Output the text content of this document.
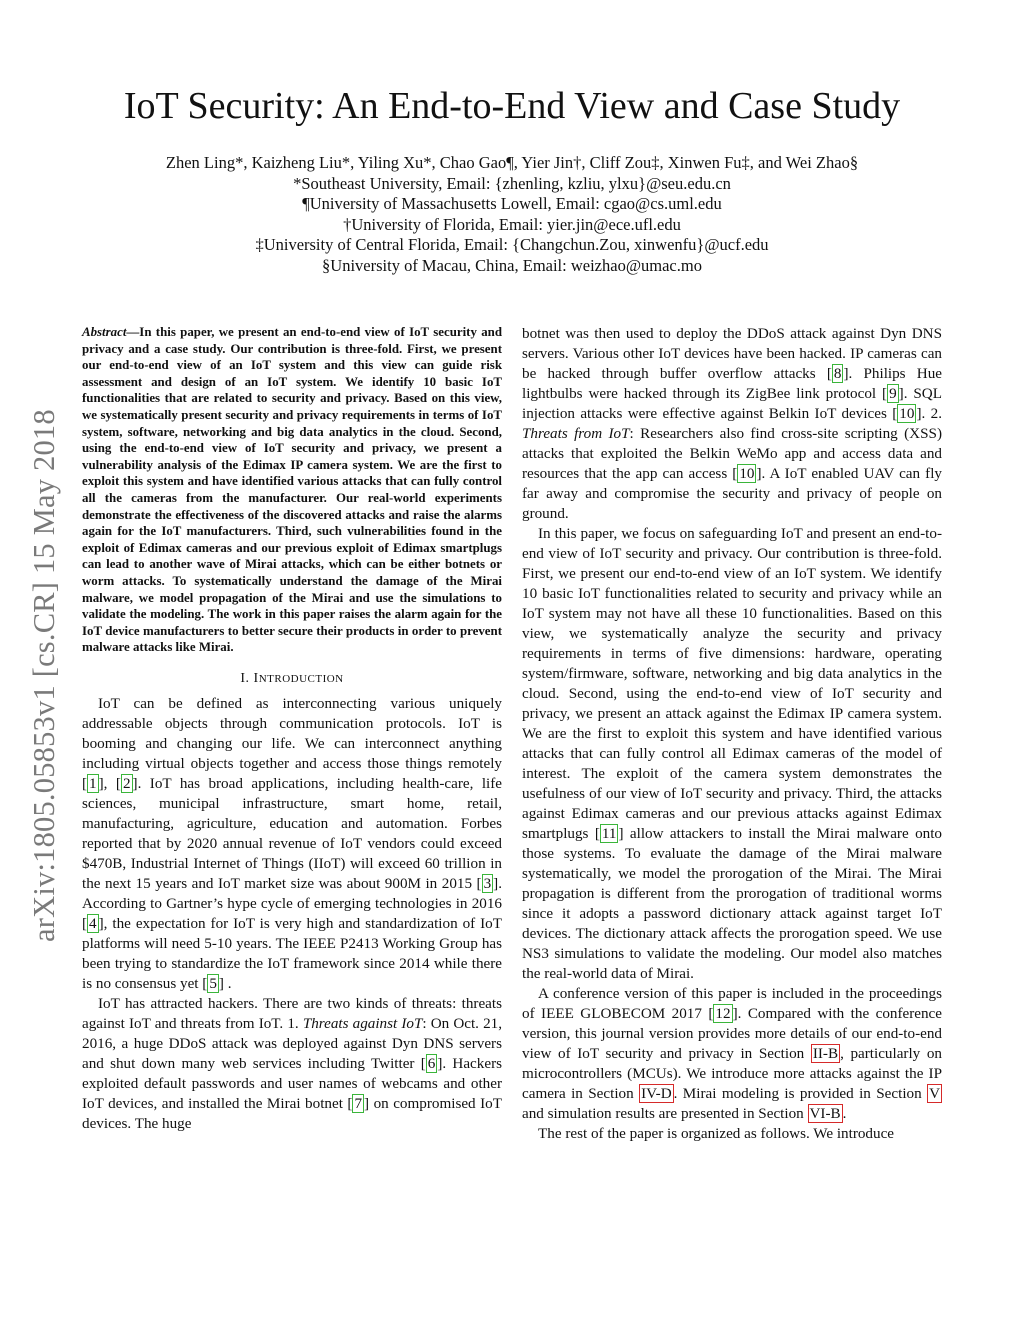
IoT Security: An End-to-End View and Case Study
Zhen Ling*, Kaizheng Liu*, Yiling Xu*, Chao Gao¶, Yier Jin†, Cliff Zou‡, Xinwen Fu‡, and Wei Zhao§
*Southeast University, Email: {zhenling, kzliu, ylxu}@seu.edu.cn
¶University of Massachusetts Lowell, Email: cgao@cs.uml.edu
†University of Florida, Email: yier.jin@ece.ufl.edu
‡University of Central Florida, Email: {Changchun.Zou, xinwenfu}@ucf.edu
§University of Macau, China, Email: weizhao@umac.mo
arXiv:1805.05853v1 [cs.CR] 15 May 2018

Abstract—In this paper, we present an end-to-end view of IoT security and privacy and a case study. Our contribution is three-fold. First, we present our end-to-end view of an IoT system and this view can guide risk assessment and design of an IoT system. We identify 10 basic IoT functionalities that are related to security and privacy. Based on this view, we systematically present security and privacy requirements in terms of IoT system, software, networking and big data analytics in the cloud. Second, using the end-to-end view of IoT security and privacy, we present a vulnerability analysis of the Edimax IP camera system. We are the first to exploit this system and have identified various attacks that can fully control all the cameras from the manufacturer. Our real-world experiments demonstrate the effectiveness of the discovered attacks and raise the alarms again for the IoT manufacturers. Third, such vulnerabilities found in the exploit of Edimax cameras and our previous exploit of Edimax smartplugs can lead to another wave of Mirai attacks, which can be either botnets or worm attacks. To systematically understand the damage of the Mirai malware, we model propagation of the Mirai and use the simulations to validate the modeling. The work in this paper raises the alarm again for the IoT device manufacturers to better secure their products in order to prevent malware attacks like Mirai.

I. INTRODUCTION

IoT can be defined as interconnecting various uniquely addressable objects through communication protocols. IoT is booming and changing our life. We can interconnect anything including virtual objects together and access those things remotely [ 1 ], [ 2 ]. IoT has broad applications, including health-care, life sciences, municipal infrastructure, smart home, retail, manufacturing, agriculture, education and automation. Forbes reported that by 2020 annual revenue of IoT vendors could exceed $470B, Industrial Internet of Things (IIoT) will exceed 60 trillion in the next 15 years and IoT market size was about 900M in 2015 [ 3 ]. According to Gartner’s hype cycle of emerging technologies in 2016 [ 4 ], the expectation for IoT is very high and standardization of IoT platforms will need 5-10 years. The IEEE P2413 Working Group has been trying to standardize the IoT framework since 2014 while there is no consensus yet [ 5 ] .

IoT has attracted hackers. There are two kinds of threats: threats against IoT and threats from IoT. 1. Threats against IoT: On Oct. 21, 2016, a huge DDoS attack was deployed against Dyn DNS servers and shut down many web services including Twitter [ 6 ]. Hackers exploited default passwords and user names of webcams and other IoT devices, and installed the Mirai botnet [ 7 ] on compromised IoT devices. The huge

botnet was then used to deploy the DDoS attack against Dyn DNS servers. Various other IoT devices have been hacked. IP cameras can be hacked through buffer overflow attacks [ 8 ]. Philips Hue lightbulbs were hacked through its ZigBee link protocol [ 9 ]. SQL injection attacks were effective against Belkin IoT devices [ 10 ]. 2. Threats from IoT: Researchers also find cross-site scripting (XSS) attacks that exploited the Belkin WeMo app and access data and resources that the app can access [ 10 ]. A IoT enabled UAV can fly far away and compromise the security and privacy of people on ground.

In this paper, we focus on safeguarding IoT and present an end-to-end view of IoT security and privacy. Our contribution is three-fold. First, we present our end-to-end view of an IoT system. We identify 10 basic IoT functionalities related to security and privacy while an IoT system may not have all these 10 functionalities. Based on this view, we systematically analyze the security and privacy requirements in terms of five dimensions: hardware, operating system/firmware, software, networking and big data analytics in the cloud. Second, using the end-to-end view of IoT security and privacy, we present an attack against the Edimax IP camera system. We are the first to exploit this system and have identified various attacks that can fully control all Edimax cameras of the model of interest. The exploit of the camera system demonstrates the usefulness of our view of IoT security and privacy. Third, the attacks against Edimax cameras and our previous attacks against Edimax smartplugs [ 11 ] allow attackers to install the Mirai malware onto those systems. To evaluate the damage of the Mirai malware systematically, we model the prorogation of the Mirai. The Mirai propagation is different from the prorogation of traditional worms since it adopts a password dictionary attack against target IoT devices. The dictionary attack affects the prorogation speed. We use NS3 simulations to validate the modeling. Our model also matches the real-world data of Mirai.

A conference version of this paper is included in the proceedings of IEEE GLOBECOM 2017 [ 12 ]. Compared with the conference version, this journal version provides more details of our end-to-end view of IoT security and privacy in Section II-B , particularly on microcontrollers (MCUs). We introduce more attacks against the IP camera in Section IV-D . Mirai modeling is provided in Section V and simulation results are presented in Section VI-B .

The rest of the paper is organized as follows. We introduce
